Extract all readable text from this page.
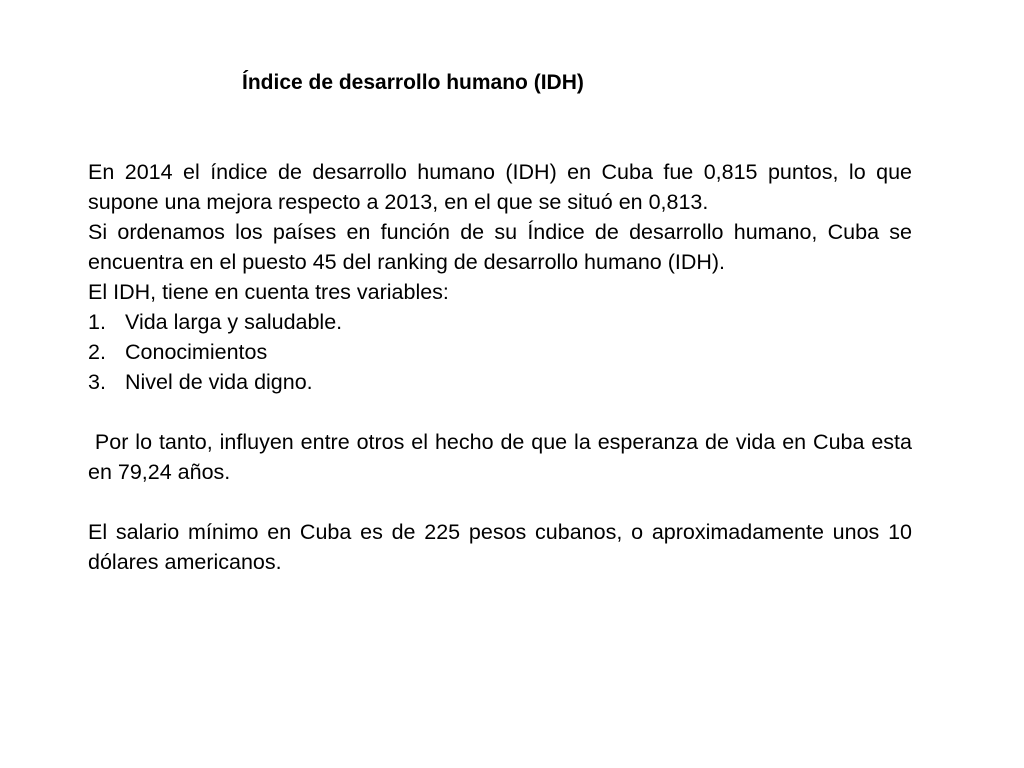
Índice de desarrollo humano (IDH)

En 2014 el índice de desarrollo humano (IDH) en Cuba fue 0,815 puntos, lo que supone una mejora respecto a 2013, en el que se situó en 0,813.

Si ordenamos los países en función de su Índice de desarrollo humano, Cuba se encuentra en el puesto 45 del ranking de desarrollo humano (IDH).

El IDH, tiene en cuenta tres variables:

1. Vida larga y saludable.
2. Conocimientos
3. Nivel de vida digno.

Por lo tanto, influyen entre otros el hecho de que la esperanza de vida en Cuba esta en 79,24 años.

El salario mínimo en Cuba es de 225 pesos cubanos, o aproximadamente unos 10 dólares americanos.
